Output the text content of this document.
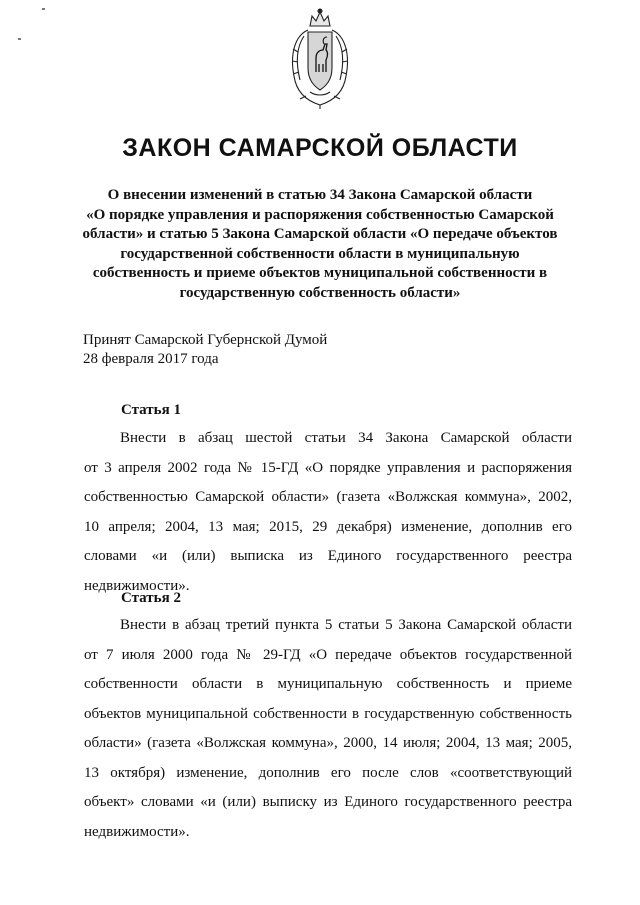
ЗАКОН САМАРСКОЙ ОБЛАСТИ
О внесении изменений в статью 34 Закона Самарской области
«О порядке управления и распоряжения собственностью Самарской
области» и статью 5 Закона Самарской области «О передаче объектов
государственной собственности области в муниципальную
собственность и приеме объектов муниципальной собственности в
государственную собственность области»
Принят Самарской Губернской Думой
28 февраля 2017 года
Статья 1
Внести в абзац шестой статьи 34 Закона Самарской области
от 3 апреля 2002 года № 15-ГД «О порядке управления и распоряжения
собственностью Самарской области» (газета «Волжская коммуна», 2002,
10 апреля; 2004, 13 мая; 2015, 29 декабря) изменение, дополнив его
словами «и (или) выписка из Единого государственного реестра
недвижимости».
Статья 2
Внести в абзац третий пункта 5 статьи 5 Закона Самарской области
от 7 июля 2000 года № 29-ГД «О передаче объектов государственной
собственности области в муниципальную собственность и приеме
объектов муниципальной собственности в государственную собственность
области» (газета «Волжская коммуна», 2000, 14 июля; 2004, 13 мая; 2005,
13 октября) изменение, дополнив его после слов «соответствующий
объект» словами «и (или) выписку из Единого государственного реестра
недвижимости».
